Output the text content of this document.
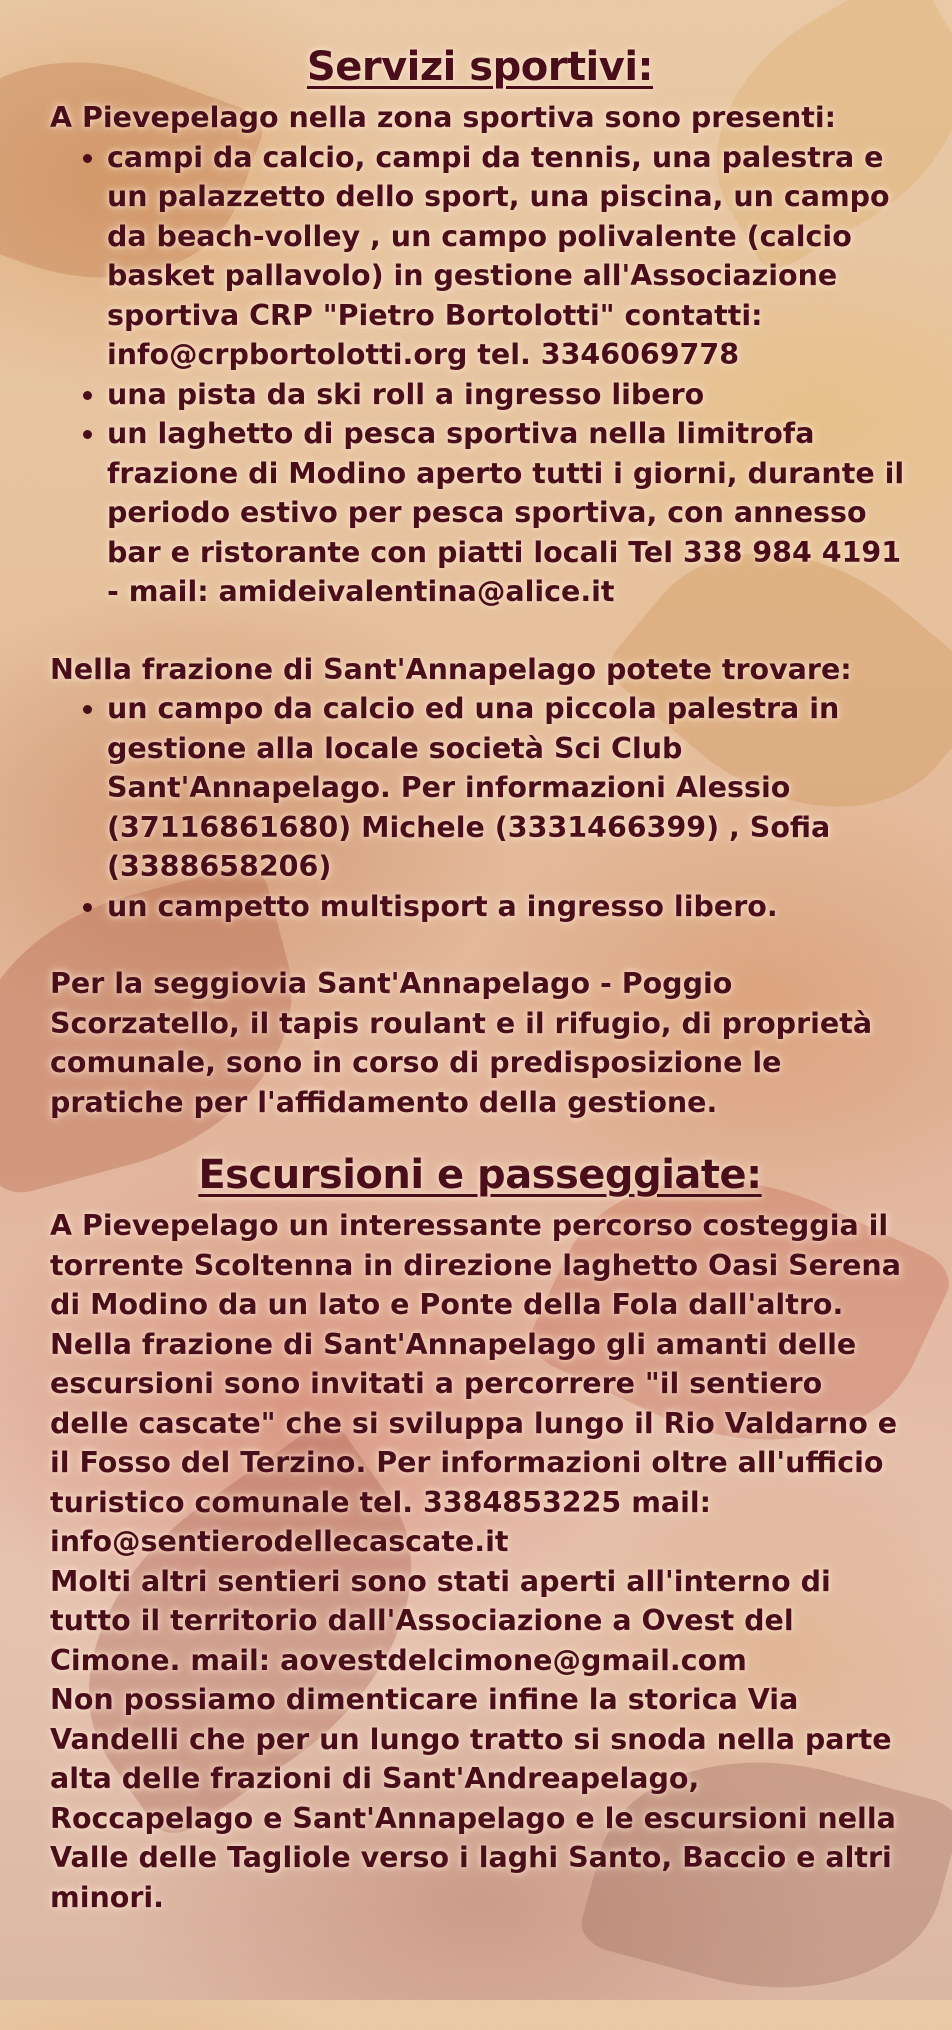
Servizi sportivi:

A Pievepelago nella zona sportiva sono presenti:

• campi da calcio, campi da tennis, una palestra e un palazzetto dello sport, una piscina, un campo da beach-volley , un campo polivalente (calcio basket pallavolo) in gestione all'Associazione sportiva CRP "Pietro Bortolotti" contatti: info@crpbortolotti.org tel. 3346069778
• una pista da ski roll a ingresso libero
• un laghetto di pesca sportiva nella limitrofa frazione di Modino aperto tutti i giorni, durante il periodo estivo per pesca sportiva, con annesso bar e ristorante con piatti locali Tel 338 984 4191 - mail: amideivalentina@alice.it

Nella frazione di Sant'Annapelago potete trovare:

• un campo da calcio ed una piccola palestra in gestione alla locale società Sci Club Sant'Annapelago. Per informazioni Alessio (37116861680) Michele (3331466399) , Sofia (3388658206)
• un campetto multisport a ingresso libero.

Per la seggiovia Sant'Annapelago - Poggio Scorzatello, il tapis roulant e il rifugio, di proprietà comunale, sono in corso di predisposizione le pratiche per l'affidamento della gestione.

Escursioni e passeggiate:

A Pievepelago un interessante percorso costeggia il torrente Scoltenna in direzione laghetto Oasi Serena di Modino da un lato e Ponte della Fola dall'altro.

Nella frazione di Sant'Annapelago gli amanti delle escursioni sono invitati a percorrere "il sentiero delle cascate" che si sviluppa lungo il Rio Valdarno e il Fosso del Terzino. Per informazioni oltre all'ufficio turistico comunale tel. 3384853225 mail: info@sentierodellecascate.it

Molti altri sentieri sono stati aperti all'interno di tutto il territorio dall'Associazione a Ovest del Cimone. mail: aovestdelcimone@gmail.com

Non possiamo dimenticare infine la storica Via Vandelli che per un lungo tratto si snoda nella parte alta delle frazioni di Sant'Andreapelago, Roccapelago e Sant'Annapelago e le escursioni nella Valle delle Tagliole verso i laghi Santo, Baccio e altri minori.
